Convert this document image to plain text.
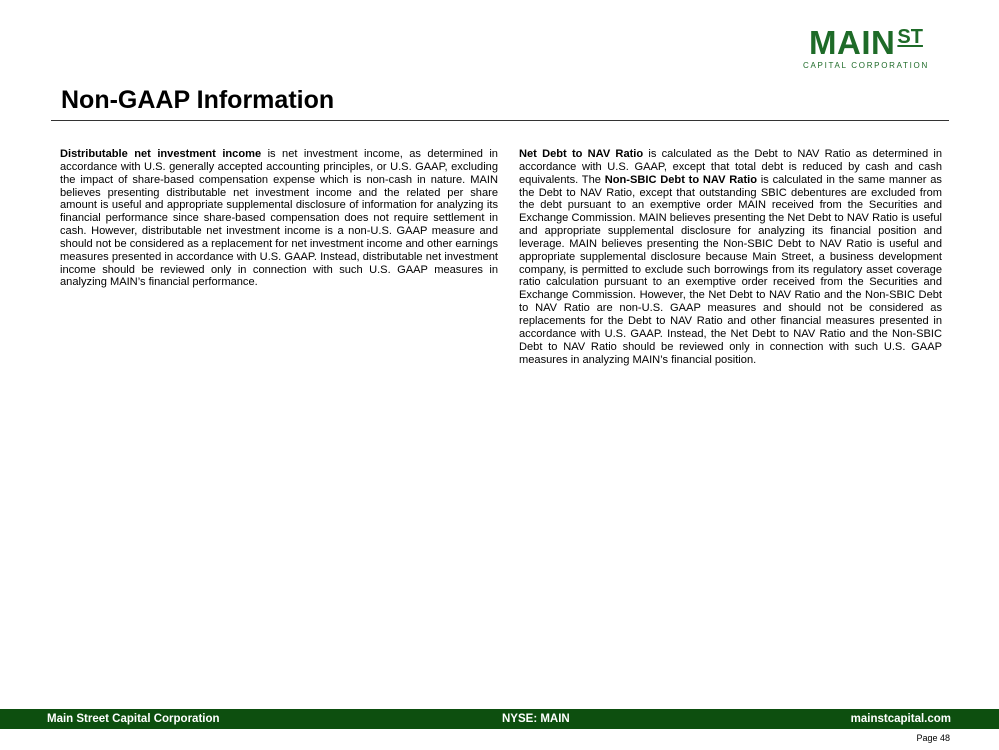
MAIN ST
CAPITAL CORPORATION
Non-GAAP Information
Distributable net investment income is net investment income, as determined in accordance with U.S. generally accepted accounting principles, or U.S. GAAP, excluding the impact of share-based compensation expense which is non-cash in nature. MAIN believes presenting distributable net investment income and the related per share amount is useful and appropriate supplemental disclosure of information for analyzing its financial performance since share-based compensation does not require settlement in cash. However, distributable net investment income is a non-U.S. GAAP measure and should not be considered as a replacement for net investment income and other earnings measures presented in accordance with U.S. GAAP. Instead, distributable net investment income should be reviewed only in connection with such U.S. GAAP measures in analyzing MAIN’s financial performance.
Net Debt to NAV Ratio is calculated as the Debt to NAV Ratio as determined in accordance with U.S. GAAP, except that total debt is reduced by cash and cash equivalents. The Non-SBIC Debt to NAV Ratio is calculated in the same manner as the Debt to NAV Ratio, except that outstanding SBIC debentures are excluded from the debt pursuant to an exemptive order MAIN received from the Securities and Exchange Commission. MAIN believes presenting the Net Debt to NAV Ratio is useful and appropriate supplemental disclosure for analyzing its financial position and leverage. MAIN believes presenting the Non-SBIC Debt to NAV Ratio is useful and appropriate supplemental disclosure because Main Street, a business development company, is permitted to exclude such borrowings from its regulatory asset coverage ratio calculation pursuant to an exemptive order received from the Securities and Exchange Commission. However, the Net Debt to NAV Ratio and the Non-SBIC Debt to NAV Ratio are non-U.S. GAAP measures and should not be considered as replacements for the Debt to NAV Ratio and other financial measures presented in accordance with U.S. GAAP. Instead, the Net Debt to NAV Ratio and the Non-SBIC Debt to NAV Ratio should be reviewed only in connection with such U.S. GAAP measures in analyzing MAIN’s financial position.
Main Street Capital Corporation	NYSE: MAIN	mainstcapital.com
Page 48
